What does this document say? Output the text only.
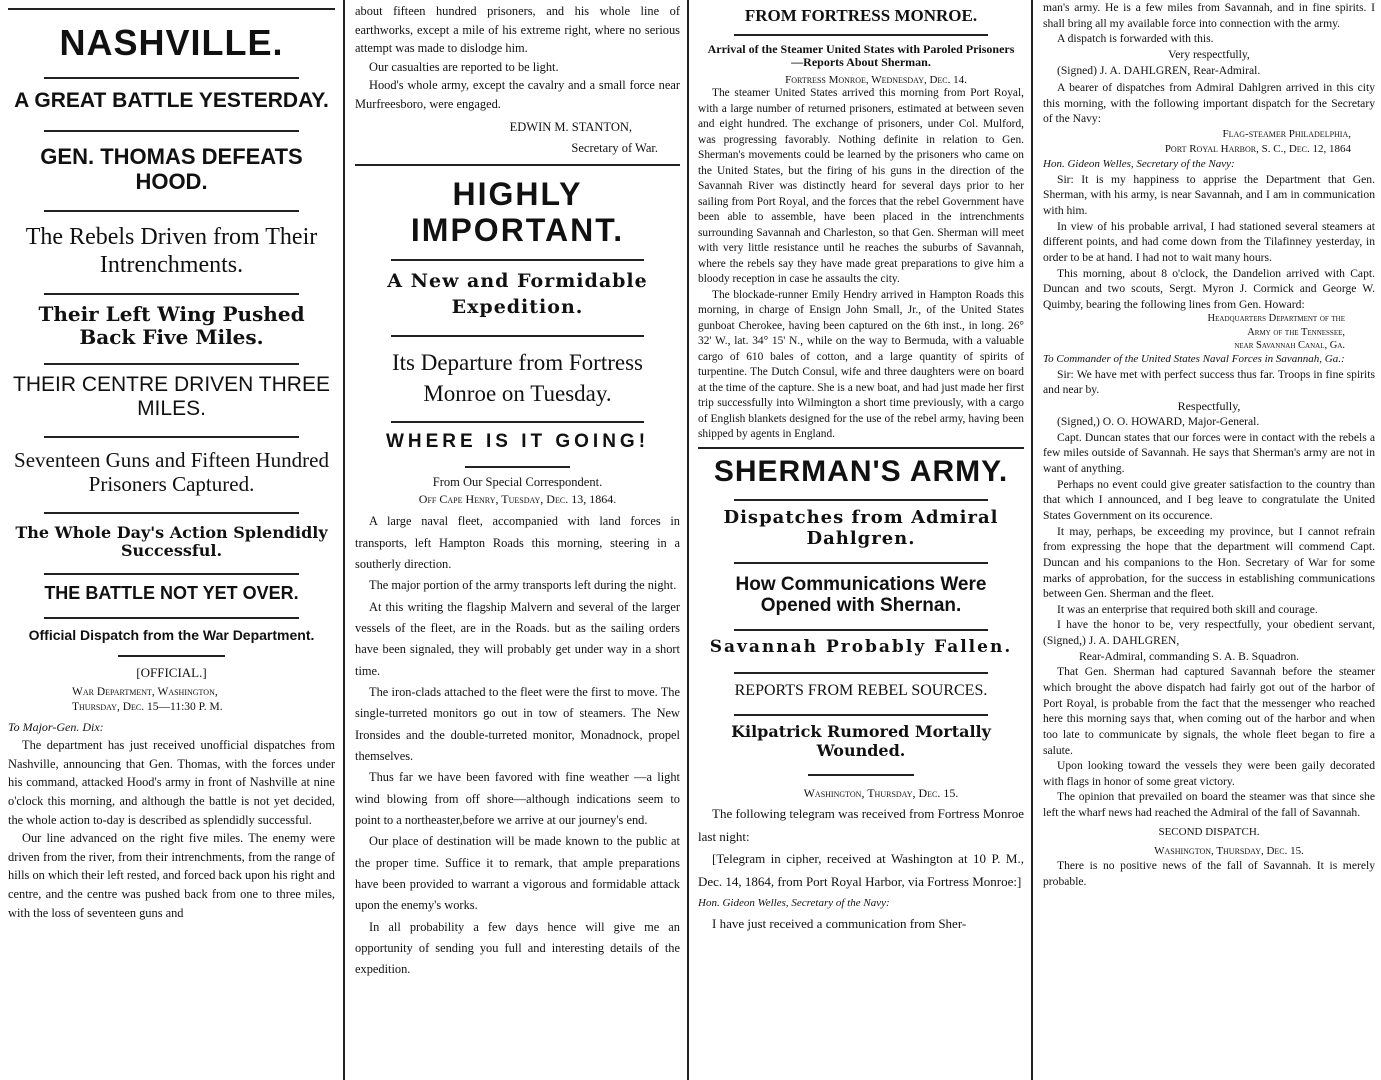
NASHVILLE.
A GREAT BATTLE YESTERDAY.
GEN. THOMAS DEFEATS HOOD.
The Rebels Driven from Their Intrenchments.
Their Left Wing Pushed Back Five Miles.
THEIR CENTRE DRIVEN THREE MILES.
Seventeen Guns and Fifteen Hundred Prisoners Captured.
The Whole Day's Action Splendidly Successful.
THE BATTLE NOT YET OVER.
Official Dispatch from the War Department.
[OFFICIAL.]
War Department, Washington,
Thursday, Dec. 15—11:30 P. M.
To Major-Gen. Dix:

The department has just received unofficial dispatches from Nashville, announcing that Gen. Thomas, with the forces under his command, attacked Hood's army in front of Nashville at nine o'clock this morning, and although the battle is not yet decided, the whole action to-day is described as splendidly successful.

Our line advanced on the right five miles. The enemy were driven from the river, from their intrenchments, from the range of hills on which their left rested, and forced back upon his right and centre, and the centre was pushed back from one to three miles, with the loss of seventeen guns and

about fifteen hundred prisoners, and his whole line of earthworks, except a mile of his extreme right, where no serious attempt was made to dislodge him.

Our casualties are reported to be light.

Hood's whole army, except the cavalry and a small force near Murfreesboro, were engaged.

EDWIN M. STANTON,
Secretary of War.
HIGHLY IMPORTANT.
A New and Formidable Expedition.
Its Departure from Fortress Monroe on Tuesday.
WHERE IS IT GOING!
From Our Special Correspondent.
Off Cape Henry, Tuesday, Dec. 13, 1864.

A large naval fleet, accompanied with land forces in transports, left Hampton Roads this morning, steering in a southerly direction.

The major portion of the army transports left during the night.

At this writing the flagship Malvern and several of the larger vessels of the fleet, are in the Roads. but as the sailing orders have been signaled, they will probably get under way in a short time.

The iron-clads attached to the fleet were the first to move. The single-turreted monitors go out in tow of steamers. The New Ironsides and the double-turreted monitor, Monadnock, propel themselves.

Thus far we have been favored with fine weather —a light wind blowing from off shore—although indications seem to point to a northeaster,before we arrive at our journey's end.

Our place of destination will be made known to the public at the proper time. Suffice it to remark, that ample preparations have been provided to warrant a vigorous and formidable attack upon the enemy's works.

In all probability a few days hence will give me an opportunity of sending you full and interesting details of the expedition.

FROM FORTRESS MONROE.
Arrival of the Steamer United States with Paroled Prisoners—Reports About Sherman.
Fortress Monroe, Wednesday, Dec. 14.

The steamer United States arrived this morning from Port Royal, with a large number of returned prisoners, estimated at between seven and eight hundred. The exchange of prisoners, under Col. Mulford, was progressing favorably. Nothing definite in relation to Gen. Sherman's movements could be learned by the prisoners who came on the United States, but the firing of his guns in the direction of the Savannah River was distinctly heard for several days prior to her sailing from Port Royal, and the forces that the rebel Government have been able to assemble, have been placed in the intrenchments surrounding Savannah and Charleston, so that Gen. Sherman will meet with very little resistance until he reaches the suburbs of Savannah, where the rebels say they have made great preparations to give him a bloody reception in case he assaults the city.

The blockade-runner Emily Hendry arrived in Hampton Roads this morning, in charge of Ensign John Small, Jr., of the United States gunboat Cherokee, having been captured on the 6th inst., in long. 26° 32' W., lat. 34° 15' N., while on the way to Bermuda, with a valuable cargo of 610 bales of cotton, and a large quantity of spirits of turpentine. The Dutch Consul, wife and three daughters were on board at the time of the capture. She is a new boat, and had just made her first trip successfully into Wilmington a short time previously, with a cargo of English blankets designed for the use of the rebel army, having been shipped by agents in England.

SHERMAN'S ARMY.
Dispatches from Admiral Dahlgren.
How Communications Were Opened with Shernan.
Savannah Probably Fallen.
REPORTS FROM REBEL SOURCES.
Kilpatrick Rumored Mortally Wounded.
Washington, Thursday, Dec. 15.

The following telegram was received from Fortress Monroe last night:

[Telegram in cipher, received at Washington at 10 P. M., Dec. 14, 1864, from Port Royal Harbor, via Fortress Monroe:]

Hon. Gideon Welles, Secretary of the Navy:

I have just received a communication from Sher-

man's army. He is a few miles from Savannah, and in fine spirits. I shall bring all my available force into connection with the army.

A dispatch is forwarded with this.

Very respectfully,
(Signed) J. A. DAHLGREN, Rear-Admiral.

A bearer of dispatches from Admiral Dahlgren arrived in this city this morning, with the following important dispatch for the Secretary of the Navy:

Flag-steamer Philadelphia,
Port Royal Harbor, S. C., Dec. 12, 1864
Hon. Gideon Welles, Secretary of the Navy:

Sir: It is my happiness to apprise the Department that Gen. Sherman, with his army, is near Savannah, and I am in communication with him.

In view of his probable arrival, I had stationed several steamers at different points, and had come down from the Tilafinney yesterday, in order to be at hand. I had not to wait many hours.

This morning, about 8 o'clock, the Dandelion arrived with Capt. Duncan and two scouts, Sergt. Myron J. Cormick and George W. Quimby, bearing the following lines from Gen. Howard:

Headquarters Department of the
Army of the Tennessee,
near Savannah Canal, Ga.
To Commander of the United States Naval Forces in Savannah, Ga.:

Sir: We have met with perfect success thus far. Troops in fine spirits and near by.

Respectfully,
(Signed,) O. O. HOWARD, Major-General.

Capt. Duncan states that our forces were in contact with the rebels a few miles outside of Savannah. He says that Sherman's army are not in want of anything.

Perhaps no event could give greater satisfaction to the country than that which I announced, and I beg leave to congratulate the United States Government on its occurence.

It may, perhaps, be exceeding my province, but I cannot refrain from expressing the hope that the department will commend Capt. Duncan and his companions to the Hon. Secretary of War for some marks of approbation, for the success in establishing communications between Gen. Sherman and the fleet.

It was an enterprise that required both skill and courage.

I have the honor to be, very respectfully, your obedient servant, (Signed,) J. A. DAHLGREN,

Rear-Admiral, commanding S. A. B. Squadron.

That Gen. Sherman had captured Savannah before the steamer which brought the above dispatch had fairly got out of the harbor of Port Royal, is probable from the fact that the messenger who reached here this morning says that, when coming out of the harbor and when too late to communicate by signals, the whole fleet began to fire a salute.

Upon looking toward the vessels they were been gaily decorated with flags in honor of some great victory.

The opinion that prevailed on board the steamer was that since she left the wharf news had reached the Admiral of the fall of Savannah.

SECOND DISPATCH.
Washington, Thursday, Dec. 15.

There is no positive news of the fall of Savannah. It is merely probable.
